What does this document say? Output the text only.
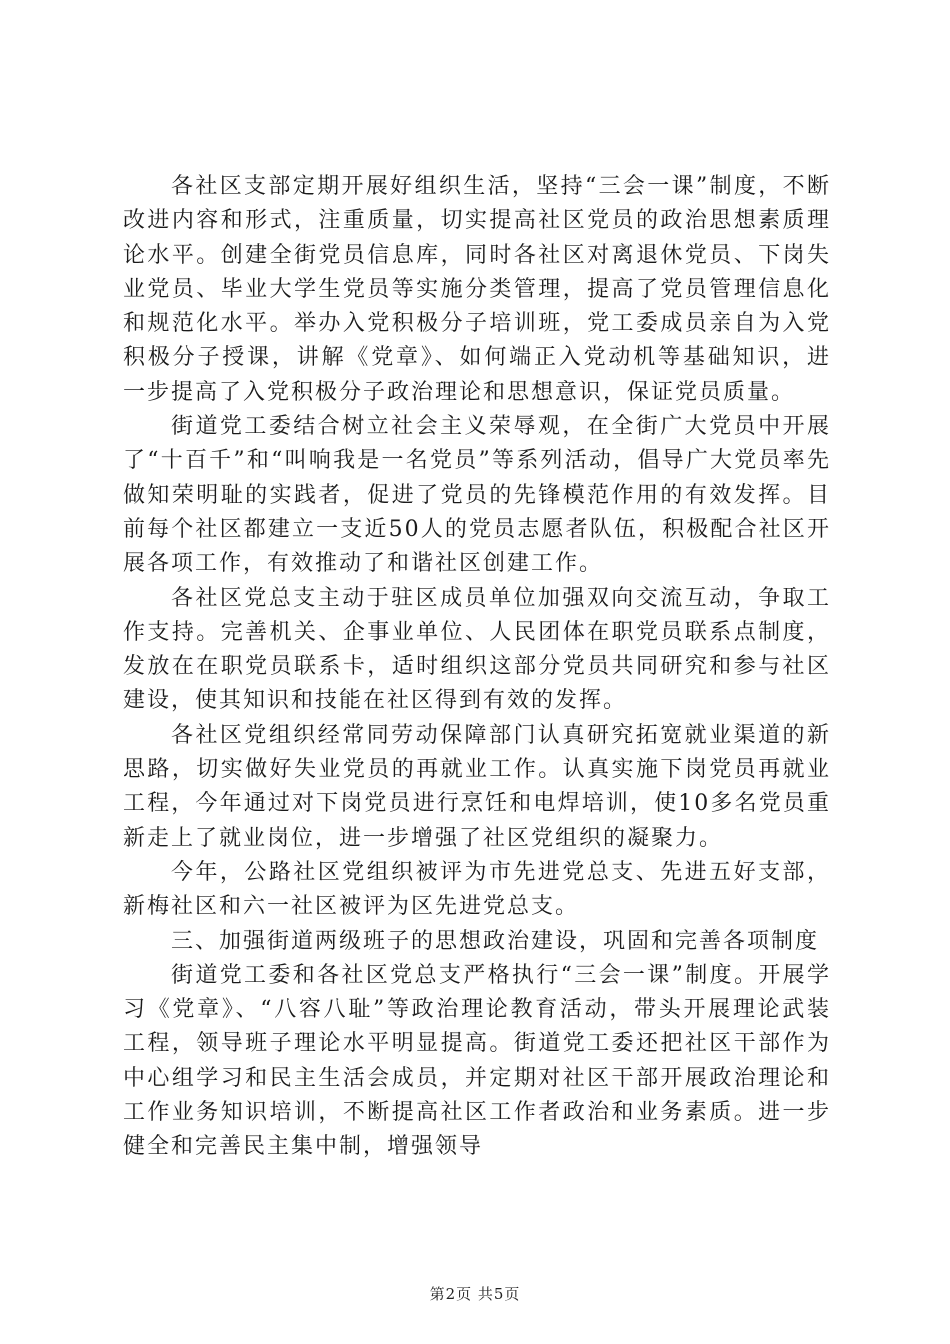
各社区支部定期开展好组织生活，坚持“三会一课”制度，不断改进内容和形式，注重质量，切实提高社区党员的政治思想素质理论水平。创建全街党员信息库，同时各社区对离退休党员、下岗失业党员、毕业大学生党员等实施分类管理，提高了党员管理信息化和规范化水平。举办入党积极分子培训班，党工委成员亲自为入党积极分子授课，讲解《党章》、如何端正入党动机等基础知识，进一步提高了入党积极分子政治理论和思想意识，保证党员质量。

街道党工委结合树立社会主义荣辱观，在全街广大党员中开展了“十百千”和“叫响我是一名党员”等系列活动，倡导广大党员率先做知荣明耻的实践者，促进了党员的先锋模范作用的有效发挥。目前每个社区都建立一支近50人的党员志愿者队伍，积极配合社区开展各项工作，有效推动了和谐社区创建工作。

各社区党总支主动于驻区成员单位加强双向交流互动，争取工作支持。完善机关、企事业单位、人民团体在职党员联系点制度，发放在在职党员联系卡，适时组织这部分党员共同研究和参与社区建设，使其知识和技能在社区得到有效的发挥。

各社区党组织经常同劳动保障部门认真研究拓宽就业渠道的新思路，切实做好失业党员的再就业工作。认真实施下岗党员再就业工程，今年通过对下岗党员进行烹饪和电焊培训，使10多名党员重新走上了就业岗位，进一步增强了社区党组织的凝聚力。

今年，公路社区党组织被评为市先进党总支、先进五好支部，新梅社区和六一社区被评为区先进党总支。

三、加强街道两级班子的思想政治建设，巩固和完善各项制度

街道党工委和各社区党总支严格执行“三会一课”制度。开展学习《党章》、“八容八耻”等政治理论教育活动，带头开展理论武装工程，领导班子理论水平明显提高。街道党工委还把社区干部作为中心组学习和民主生活会成员，并定期对社区干部开展政治理论和工作业务知识培训，不断提高社区工作者政治和业务素质。进一步健全和完善民主集中制，增强领导

第2页 共5页
